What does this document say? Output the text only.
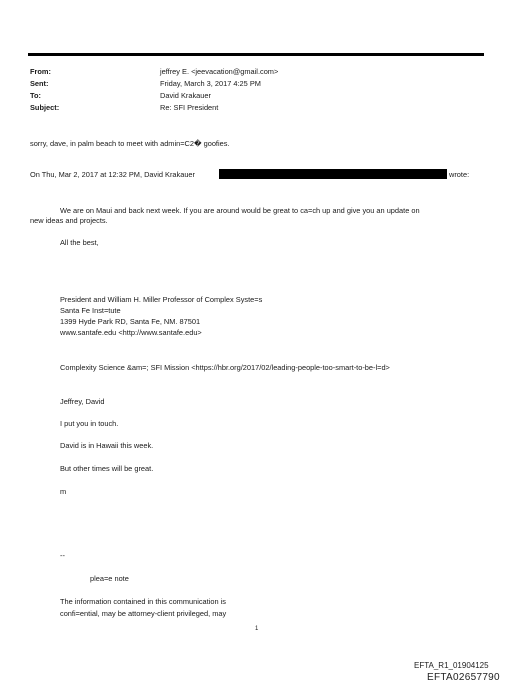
From:
Sent:
To:
Subject:
jeffrey E. <jeevacation@gmail.com>
Friday, March 3, 2017 4:25 PM
David Krakauer
Re: SFI President
sorry, dave, in palm beach to meet with admin=C2� goofies.
On Thu, Mar 2, 2017 at 12:32 PM, David Krakauer	wrote:
We are on Maui and back next week. If you are around would be great to ca=ch up and give you an update on
new ideas and projects.
All the best,
President and William H. Miller Professor of Complex Syste=s
Santa Fe Inst=tute
1399 Hyde Park RD, Santa Fe, NM. 87501
www.santafe.edu <http://www.santafe.edu>
Complexity Science &am=; SFI Mission <https://hbr.org/2017/02/leading-people-too-smart-to-be-l=d>
Jeffrey, David
I put you in touch.
David is in Hawaii this week.
But other times will be great.
m
--
plea=e note
The information contained in this communication is
confi=ential, may be attorney-client privileged, may
1
EFTA_R1_01904125
EFTA02657790
